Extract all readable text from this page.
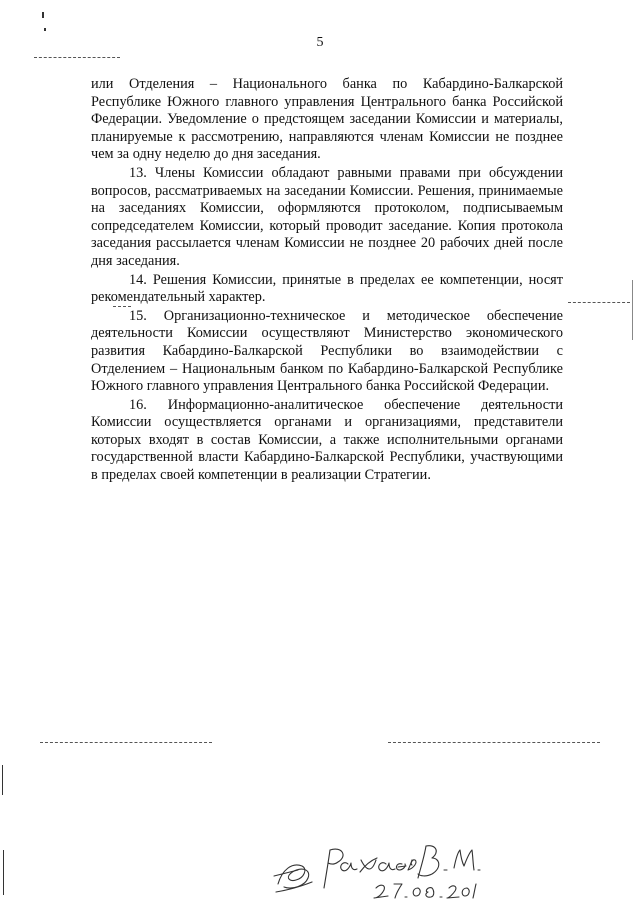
5

или Отделения – Национального банка по Кабардино-Балкарской Республике Южного главного управления Центрального банка Российской Федерации. Уведомление о предстоящем заседании Комиссии и материалы, планируемые к рассмотрению, направляются членам Комиссии не позднее чем за одну неделю до дня заседания.

13. Члены Комиссии обладают равными правами при обсуждении вопросов, рассматриваемых на заседании Комиссии. Решения, принимаемые на заседаниях Комиссии, оформляются протоколом, подписываемым сопредседателем Комиссии, который проводит заседание. Копия протокола заседания рассылается членам Комиссии не позднее 20 рабочих дней после дня заседания.

14. Решения Комиссии, принятые в пределах ее компетенции, носят рекомендательный характер.

15. Организационно-техническое и методическое обеспечение деятельности Комиссии осуществляют Министерство экономического развития Кабардино-Балкарской Республики во взаимодействии с Отделением – Национальным банком по Кабардино-Балкарской Республике Южного главного управления Центрального банка Российской Федерации.

16. Информационно-аналитическое обеспечение деятельности Комиссии осуществляется органами и организациями, представители которых входят в состав Комиссии, а также исполнительными органами государственной власти Кабардино-Балкарской Республики, участвующими в пределах своей компетенции в реализации Стратегии.
